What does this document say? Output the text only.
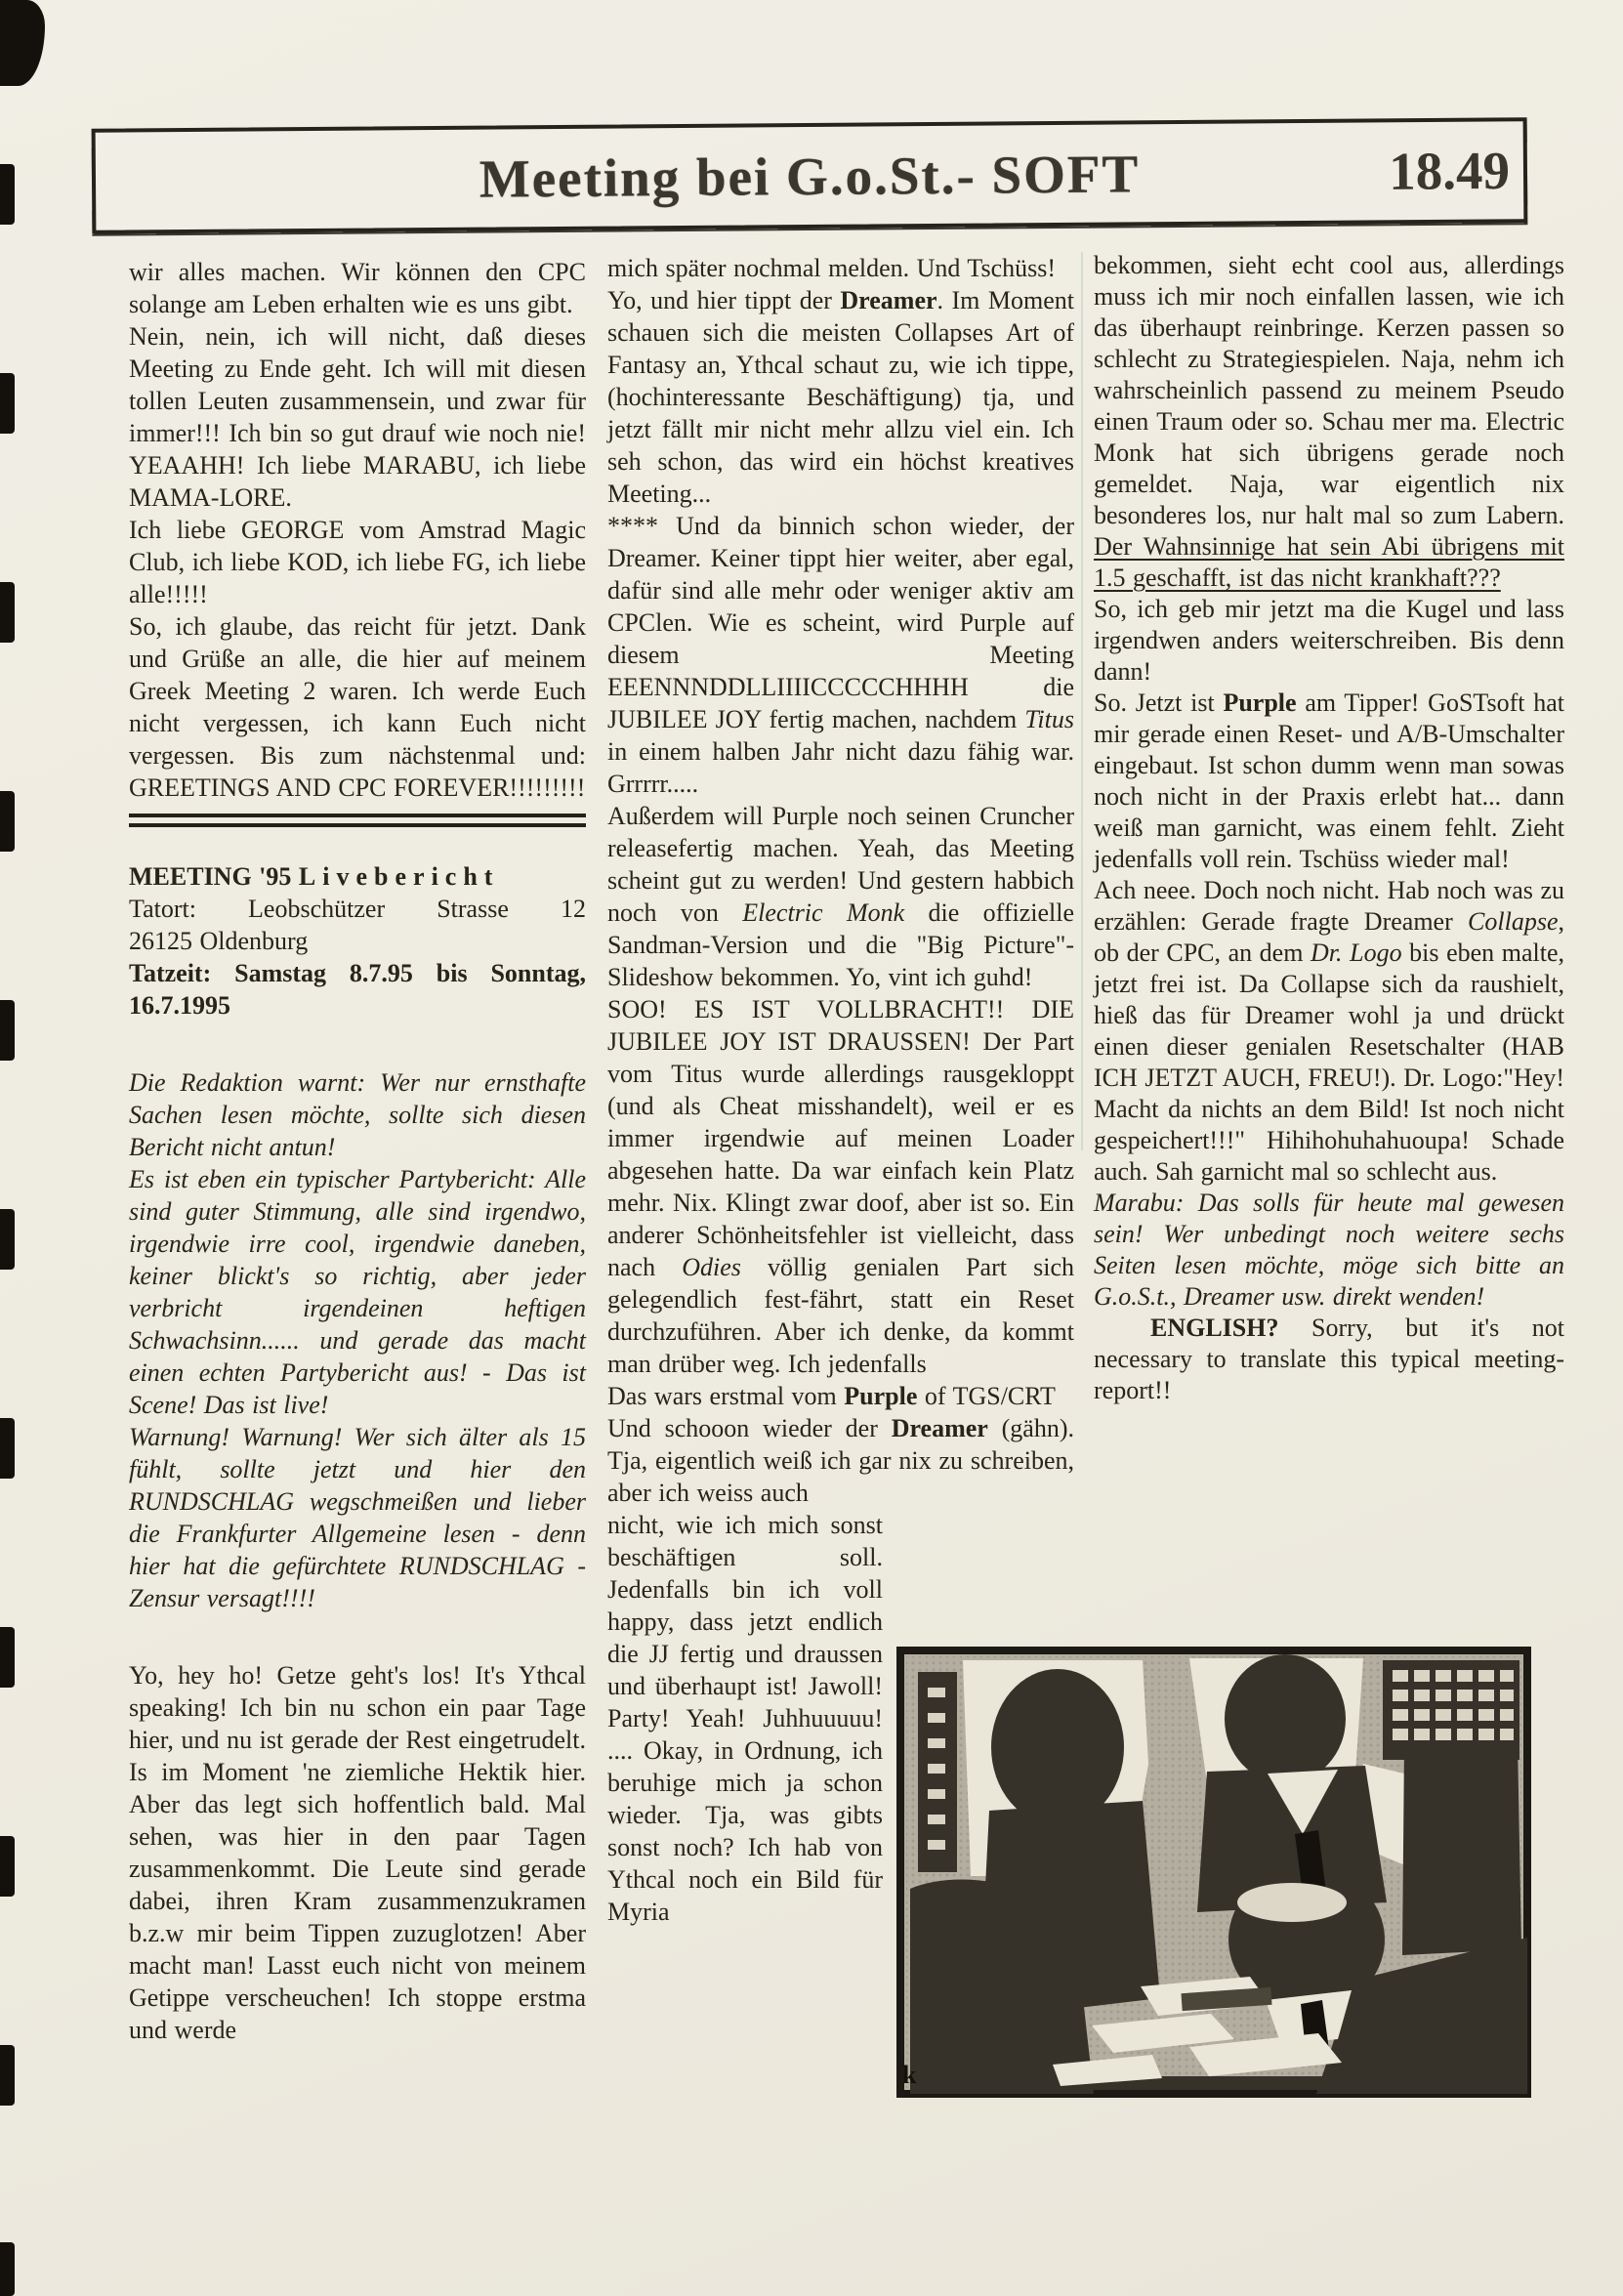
Meeting bei G.o.St.- SOFT	18.49

wir alles machen. Wir können den CPC solange am Leben erhalten wie es uns gibt.

Nein, nein, ich will nicht, daß dieses Meeting zu Ende geht. Ich will mit diesen tollen Leuten zusammensein, und zwar für immer!!! Ich bin so gut drauf wie noch nie! YEAAHH! Ich liebe MARABU, ich liebe MAMA-LORE.

Ich liebe GEORGE vom Amstrad Magic Club, ich liebe KOD, ich liebe FG, ich liebe alle!!!!!

So, ich glaube, das reicht für jetzt. Dank und Grüße an alle, die hier auf meinem Greek Meeting 2 waren. Ich werde Euch nicht vergessen, ich kann Euch nicht vergessen. Bis zum nächstenmal und: GREETINGS AND CPC FOREVER!!!!!!!!!

MEETING '95 Livebericht

Tatort: Leobschützer Strasse 12

26125 Oldenburg

Tatzeit: Samstag 8.7.95 bis Sonntag, 16.7.1995

Die Redaktion warnt: Wer nur ernsthafte Sachen lesen möchte, sollte sich diesen Bericht nicht antun!

Es ist eben ein typischer Partybericht: Alle sind guter Stimmung, alle sind irgendwo, irgendwie irre cool, irgendwie daneben, keiner blickt's so richtig, aber jeder verbricht irgendeinen heftigen Schwachsinn...... und gerade das macht einen echten Partybericht aus! - Das ist Scene! Das ist live!

Warnung! Warnung! Wer sich älter als 15 fühlt, sollte jetzt und hier den RUNDSCHLAG wegschmeißen und lieber die Frankfurter Allgemeine lesen - denn hier hat die gefürchtete RUNDSCHLAG -Zensur versagt!!!!

Yo, hey ho! Getze geht's los! It's Ythcal speaking! Ich bin nu schon ein paar Tage hier, und nu ist gerade der Rest eingetrudelt. Is im Moment 'ne ziemliche Hektik hier. Aber das legt sich hoffentlich bald. Mal sehen, was hier in den paar Tagen zusammenkommt. Die Leute sind gerade dabei, ihren Kram zusammenzukramen b.z.w mir beim Tippen zuzuglotzen! Aber macht man! Lasst euch nicht von meinem Getippe verscheuchen! Ich stoppe erstma und werde

mich später nochmal melden. Und Tschüss!

Yo, und hier tippt der Dreamer. Im Moment schauen sich die meisten Collapses Art of Fantasy an, Ythcal schaut zu, wie ich tippe, (hochinteressante Beschäftigung) tja, und jetzt fällt mir nicht mehr allzu viel ein. Ich seh schon, das wird ein höchst kreatives Meeting...

**** Und da binnich schon wieder, der Dreamer. Keiner tippt hier weiter, aber egal, dafür sind alle mehr oder weniger aktiv am CPClen. Wie es scheint, wird Purple auf diesem Meeting EEENNNDDLLIIIICCCCCHHHH die JUBILEE JOY fertig machen, nachdem Titus in einem halben Jahr nicht dazu fähig war. Grrrrr.....

Außerdem will Purple noch seinen Cruncher releasefertig machen. Yeah, das Meeting scheint gut zu werden! Und gestern habbich noch von Electric Monk die offizielle Sandman-Version und die "Big Picture"-Slideshow bekommen. Yo, vint ich guhd!

SOO! ES IST VOLLBRACHT!! DIE JUBILEE JOY IST DRAUSSEN! Der Part vom Titus wurde allerdings rausgekloppt (und als Cheat misshandelt), weil er es immer irgendwie auf meinen Loader abgesehen hatte. Da war einfach kein Platz mehr. Nix. Klingt zwar doof, aber ist so. Ein anderer Schönheitsfehler ist vielleicht, dass nach Odies völlig genialen Part sich gelegendlich fest-fährt, statt ein Reset durchzuführen. Aber ich denke, da kommt man drüber weg. Ich jedenfalls

Das wars erstmal vom Purple of TGS/CRT

Und schooon wieder der Dreamer (gähn). Tja, eigentlich weiß ich gar nix zu schreiben, aber ich weiss auch

nicht, wie ich mich sonst beschäftigen soll. Jedenfalls bin ich voll happy, dass jetzt endlich die JJ fertig und draussen und überhaupt ist! Jawoll! Party! Yeah! Juhhuuuuu! .... Okay, in Ordnung, ich beruhige mich ja schon wieder. Tja, was gibts sonst noch? Ich hab von Ythcal noch ein Bild für Myria

bekommen, sieht echt cool aus, allerdings muss ich mir noch einfallen lassen, wie ich das überhaupt reinbringe. Kerzen passen so schlecht zu Strategiespielen. Naja, nehm ich wahrscheinlich passend zu meinem Pseudo einen Traum oder so. Schau mer ma. Electric Monk hat sich übrigens gerade noch gemeldet. Naja, war eigentlich nix besonderes los, nur halt mal so zum Labern. Der Wahnsinnige hat sein Abi übrigens mit 1.5 geschafft, ist das nicht krankhaft???

So, ich geb mir jetzt ma die Kugel und lass irgendwen anders weiterschreiben. Bis denn dann!

So. Jetzt ist Purple am Tipper! GoSTsoft hat mir gerade einen Reset- und A/B-Umschalter eingebaut. Ist schon dumm wenn man sowas noch nicht in der Praxis erlebt hat... dann weiß man garnicht, was einem fehlt. Zieht jedenfalls voll rein. Tschüss wieder mal!

Ach neee. Doch noch nicht. Hab noch was zu erzählen: Gerade fragte Dreamer Collapse, ob der CPC, an dem Dr. Logo bis eben malte, jetzt frei ist. Da Collapse sich da raushielt, hieß das für Dreamer wohl ja und drückt einen dieser genialen Resetschalter (HAB ICH JETZT AUCH, FREU!). Dr. Logo:"Hey! Macht da nichts an dem Bild! Ist noch nicht gespeichert!!!" Hihihohuhahuoupa! Schade auch. Sah garnicht mal so schlecht aus.

Marabu: Das solls für heute mal gewesen sein! Wer unbedingt noch weitere sechs Seiten lesen möchte, möge sich bitte an G.o.S.t., Dreamer usw. direkt wenden!

ENGLISH? Sorry, but it's not necessary to translate this typical meeting-report!!

k
